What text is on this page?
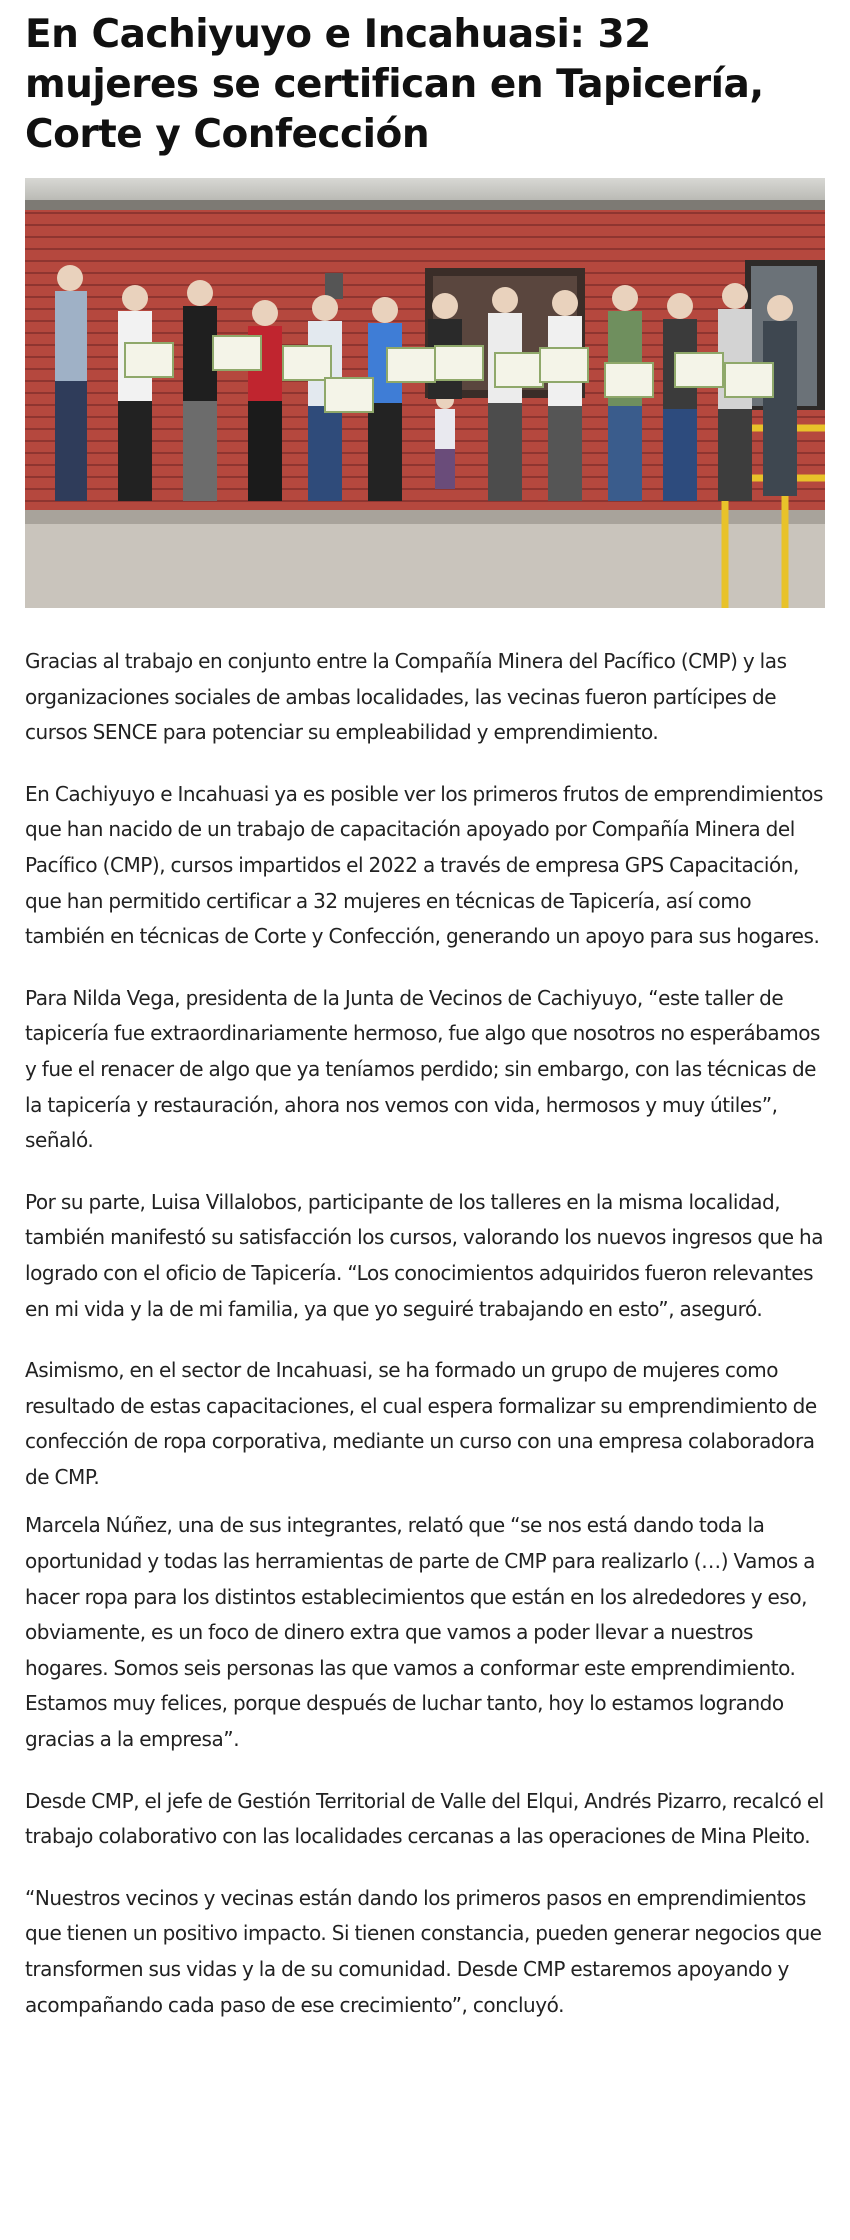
En Cachiyuyo e Incahuasi: 32 mujeres se certifican en Tapicería, Corte y Confección

Gracias al trabajo en conjunto entre la Compañía Minera del Pacífico (CMP) y las organizaciones sociales de ambas localidades, las vecinas fueron partícipes de cursos SENCE para potenciar su empleabilidad y emprendimiento.

En Cachiyuyo e Incahuasi ya es posible ver los primeros frutos de emprendimientos que han nacido de un trabajo de capacitación apoyado por Compañía Minera del Pacífico (CMP), cursos impartidos el 2022 a través de empresa GPS Capacitación, que han permitido certificar a 32 mujeres en técnicas de Tapicería, así como también en técnicas de Corte y Confección, generando un apoyo para sus hogares.

Para Nilda Vega, presidenta de la Junta de Vecinos de Cachiyuyo, “este taller de tapicería fue extraordinariamente hermoso, fue algo que nosotros no esperábamos y fue el renacer de algo que ya teníamos perdido; sin embargo, con las técnicas de la tapicería y restauración, ahora nos vemos con vida, hermosos y muy útiles”, señaló.

Por su parte, Luisa Villalobos, participante de los talleres en la misma localidad, también manifestó su satisfacción los cursos, valorando los nuevos ingresos que ha logrado con el oficio de Tapicería. “Los conocimientos adquiridos fueron relevantes en mi vida y la de mi familia, ya que yo seguiré trabajando en esto”, aseguró.

Asimismo, en el sector de Incahuasi, se ha formado un grupo de mujeres como resultado de estas capacitaciones, el cual espera formalizar su emprendimiento de confección de ropa corporativa, mediante un curso con una empresa colaboradora de CMP.

Marcela Núñez, una de sus integrantes, relató que “se nos está dando toda la oportunidad y todas las herramientas de parte de CMP para realizarlo (…) Vamos a hacer ropa para los distintos establecimientos que están en los alrededores y eso, obviamente, es un foco de dinero extra que vamos a poder llevar a nuestros hogares. Somos seis personas las que vamos a conformar este emprendimiento. Estamos muy felices, porque después de luchar tanto, hoy lo estamos logrando gracias a la empresa”.

Desde CMP, el jefe de Gestión Territorial de Valle del Elqui, Andrés Pizarro, recalcó el trabajo colaborativo con las localidades cercanas a las operaciones de Mina Pleito.

“Nuestros vecinos y vecinas están dando los primeros pasos en emprendimientos que tienen un positivo impacto. Si tienen constancia, pueden generar negocios que transformen sus vidas y la de su comunidad. Desde CMP estaremos apoyando y acompañando cada paso de ese crecimiento”, concluyó.
